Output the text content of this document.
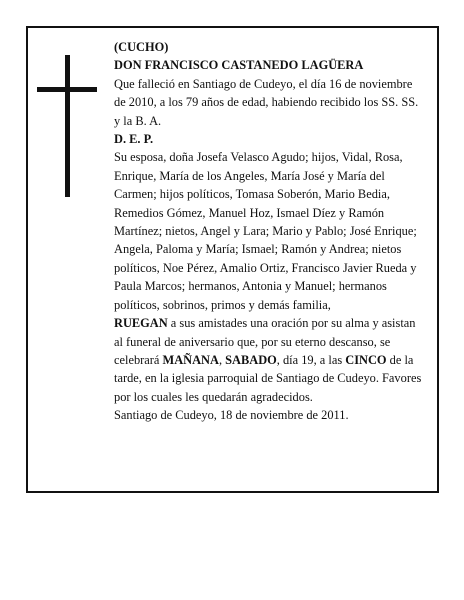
(CUCHO)

DON FRANCISCO CASTANEDO LAGÜERA

Que falleció en Santiago de Cudeyo, el día 16 de noviembre de 2010, a los 79 años de edad, habiendo recibido los SS. SS.

y la B. A.

D. E. P.

Su esposa, doña Josefa Velasco Agudo; hijos, Vidal, Rosa, Enrique, María de los Angeles, María José y María del Carmen; hijos políticos, Tomasa Soberón, Mario Bedia, Remedios Gómez, Manuel Hoz, Ismael Díez y Ramón Martínez; nietos, Angel y Lara; Mario y Pablo; José Enrique; Angela, Paloma y María; Ismael; Ramón y Andrea; nietos políticos, Noe Pérez, Amalio Ortiz, Francisco Javier Rueda y Paula Marcos; hermanos, Antonia y Manuel; hermanos políticos, sobrinos, primos y demás familia,

RUEGAN a sus amistades una oración por su alma y asistan al funeral de aniversario que, por su eterno descanso, se celebrará MAÑANA, SABADO, día 19, a las CINCO de la tarde, en la iglesia parroquial de Santiago de Cudeyo. Favores por los cuales les quedarán agradecidos.

Santiago de Cudeyo, 18 de noviembre de 2011.
